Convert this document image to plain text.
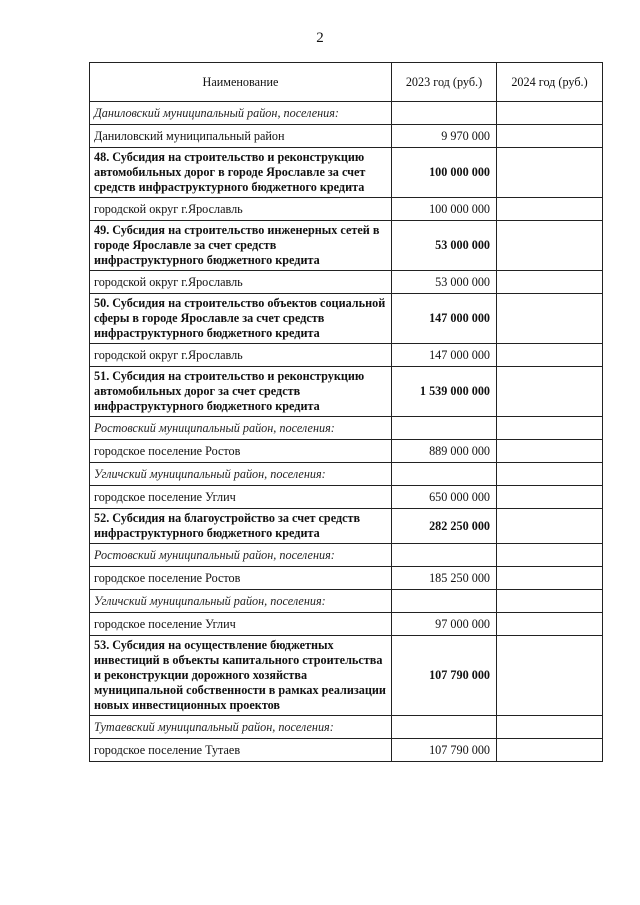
2
Наименование	2023 год (руб.)	2024 год (руб.)
Даниловский муниципальный район, поселения:		
Даниловский муниципальный район	9 970 000	
48. Субсидия на строительство и реконструкцию автомобильных дорог в городе Ярославле за счет средств инфраструктурного бюджетного кредита	100 000 000	
городской округ г.Ярославль	100 000 000	
49. Субсидия на строительство инженерных сетей в городе Ярославле за счет средств инфраструктурного бюджетного кредита	53 000 000	
городской округ г.Ярославль	53 000 000	
50. Субсидия на строительство объектов социальной сферы в городе Ярославле за счет средств инфраструктурного бюджетного кредита	147 000 000	
городской округ г.Ярославль	147 000 000	
51. Субсидия на строительство и реконструкцию автомобильных дорог за счет средств инфраструктурного бюджетного кредита	1 539 000 000	
Ростовский муниципальный район, поселения:		
городское поселение Ростов	889 000 000	
Угличский муниципальный район, поселения:		
городское поселение Углич	650 000 000	
52. Субсидия на благоустройство за счет средств инфраструктурного бюджетного кредита	282 250 000	
Ростовский муниципальный район, поселения:		
городское поселение Ростов	185 250 000	
Угличский муниципальный район, поселения:		
городское поселение Углич	97 000 000	
53. Субсидия на осуществление бюджетных инвестиций в объекты капитального строительства и реконструкции дорожного хозяйства муниципальной собственности в рамках реализации новых инвестиционных проектов	107 790 000	
Тутаевский муниципальный район, поселения:		
городское поселение Тутаев	107 790 000	
